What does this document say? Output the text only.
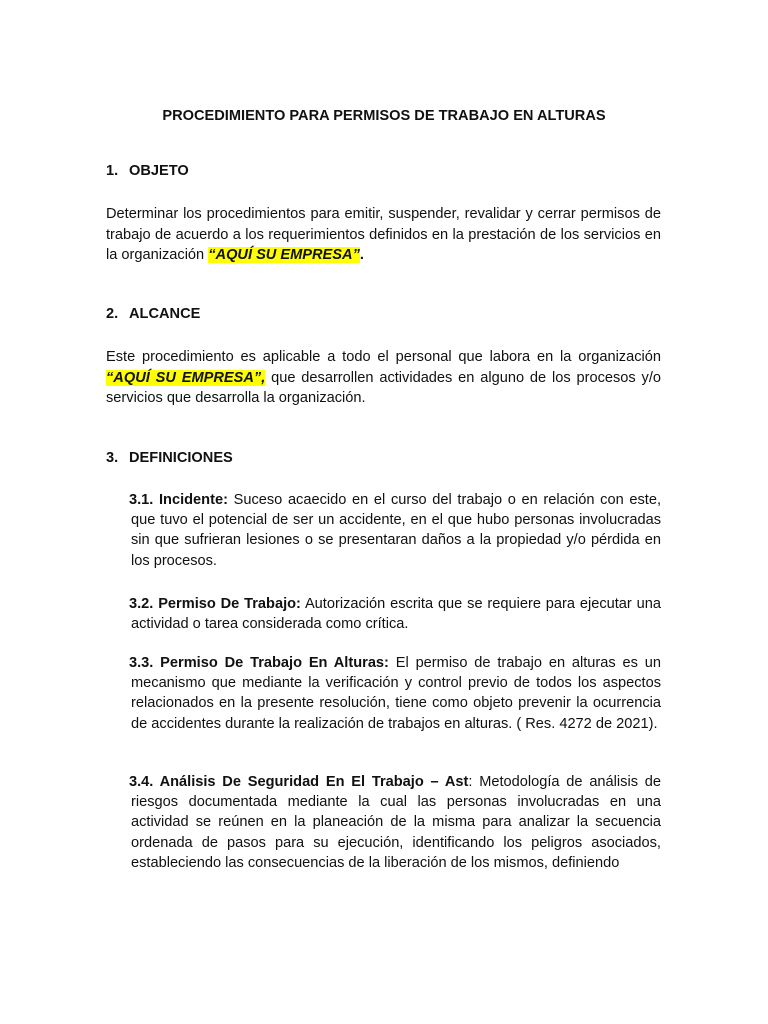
PROCEDIMIENTO PARA PERMISOS DE TRABAJO EN ALTURAS
1. OBJETO
Determinar los procedimientos para emitir, suspender, revalidar y cerrar permisos de trabajo de acuerdo a los requerimientos definidos en la prestación de los servicios en la organización “AQUÍ SU EMPRESA”.
2. ALCANCE
Este procedimiento es aplicable a todo el personal que labora en la organización “AQUÍ SU EMPRESA”, que desarrollen actividades en alguno de los procesos y/o servicios que desarrolla la organización.
3. DEFINICIONES
3.1. Incidente: Suceso acaecido en el curso del trabajo o en relación con este, que tuvo el potencial de ser un accidente, en el que hubo personas involucradas sin que sufrieran lesiones o se presentaran daños a la propiedad y/o pérdida en los procesos.
3.2. Permiso De Trabajo: Autorización escrita que se requiere para ejecutar una actividad o tarea considerada como crítica.
3.3. Permiso De Trabajo En Alturas: El permiso de trabajo en alturas es un mecanismo que mediante la verificación y control previo de todos los aspectos relacionados en la presente resolución, tiene como objeto prevenir la ocurrencia de accidentes durante la realización de trabajos en alturas. ( Res. 4272 de 2021).
3.4. Análisis De Seguridad En El Trabajo – Ast: Metodología de análisis de riesgos documentada mediante la cual las personas involucradas en una actividad se reúnen en la planeación de la misma para analizar la secuencia ordenada de pasos para su ejecución, identificando los peligros asociados, estableciendo las consecuencias de la liberación de los mismos, definiendo
